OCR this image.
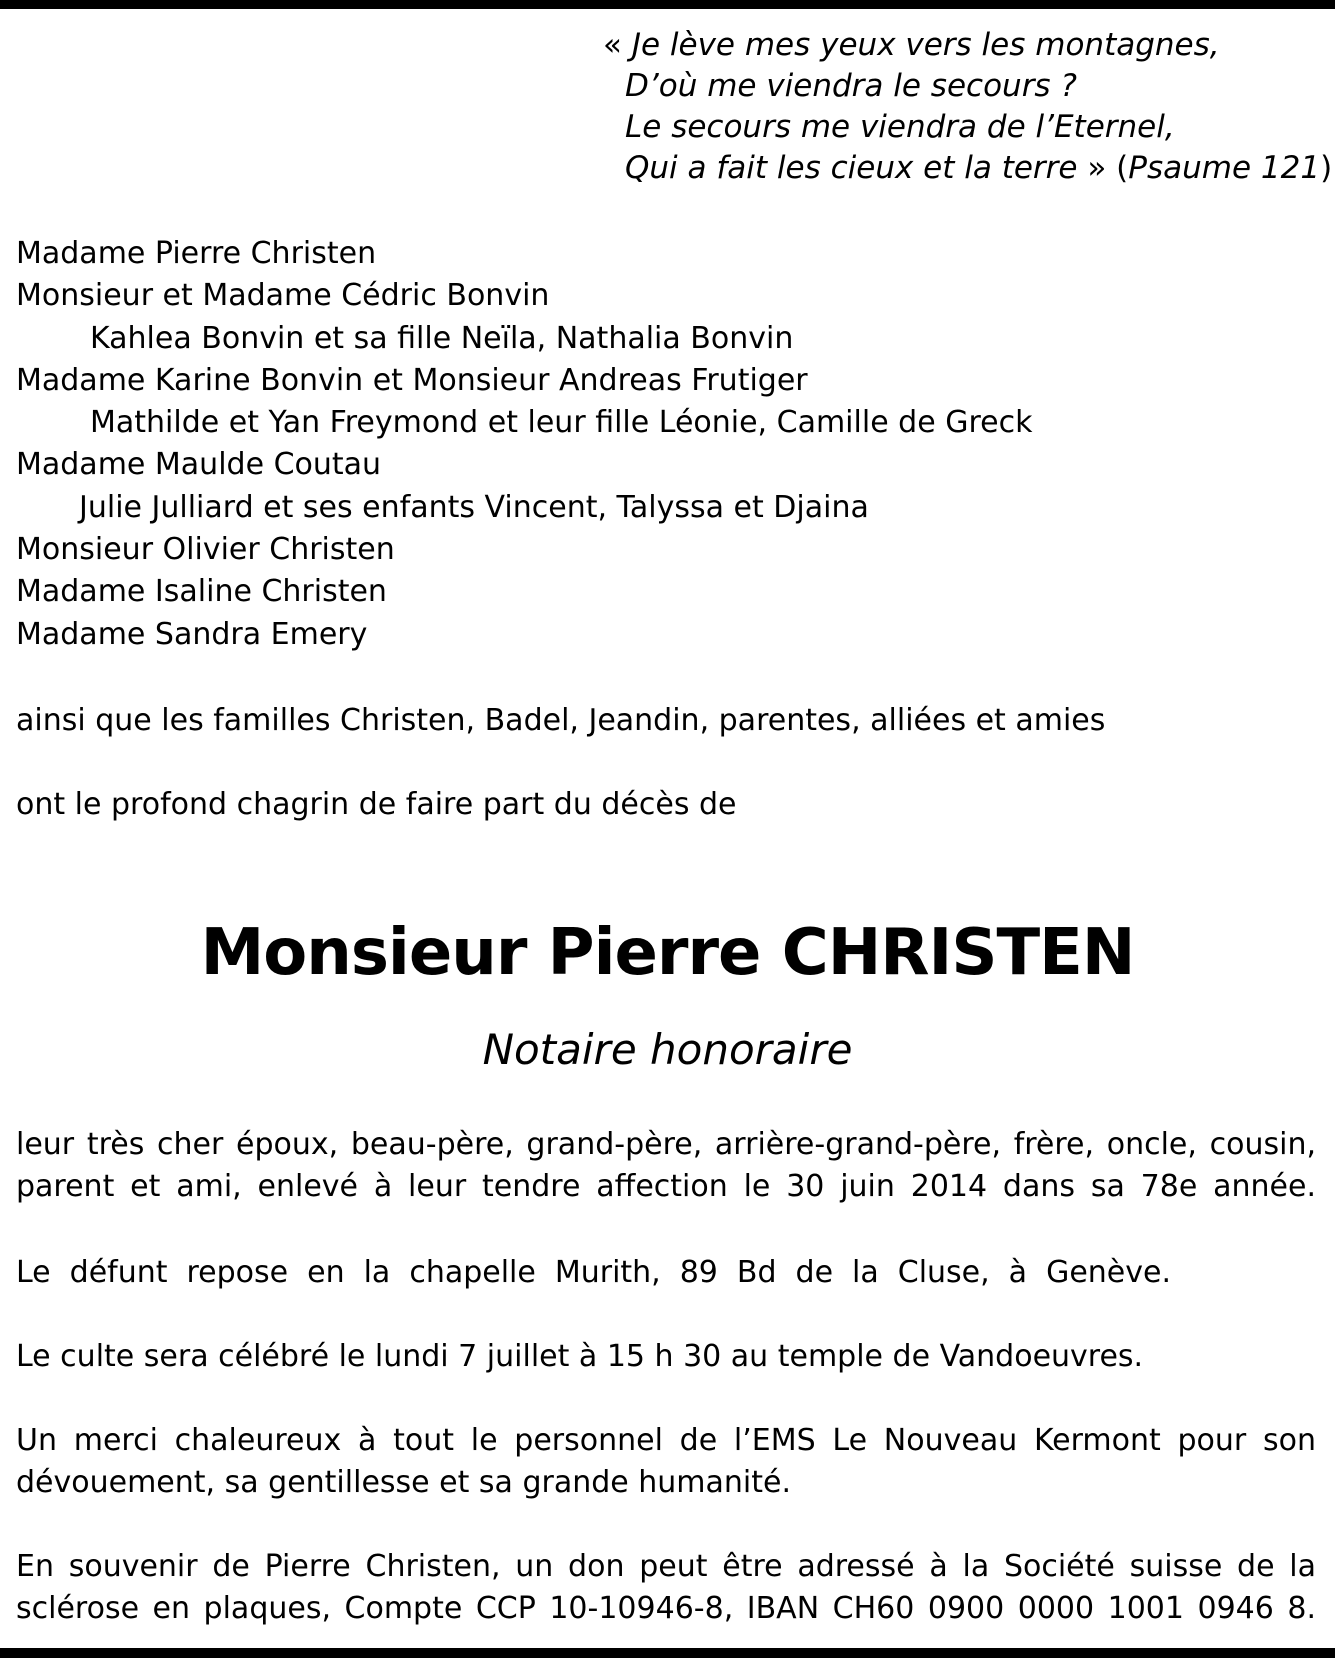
« Je lève mes yeux vers les montagnes,
D’où me viendra le secours ?
Le secours me viendra de l’Eternel,
Qui a fait les cieux et la terre » (Psaume 121)
Madame Pierre Christen
Monsieur et Madame Cédric Bonvin
Kahlea Bonvin et sa fille Neïla, Nathalia Bonvin
Madame Karine Bonvin et Monsieur Andreas Frutiger
Mathilde et Yan Freymond et leur fille Léonie, Camille de Greck
Madame Maulde Coutau
Julie Julliard et ses enfants Vincent, Talyssa et Djaina
Monsieur Olivier Christen
Madame Isaline Christen
Madame Sandra Emery
ainsi que les familles Christen, Badel, Jeandin, parentes, alliées et amies
ont le profond chagrin de faire part du décès de
Monsieur Pierre CHRISTEN
Notaire honoraire
leur très cher époux, beau-père, grand-père, arrière-grand-père, frère, oncle, cousin,
parent et ami, enlevé à leur tendre affection le 30 juin 2014 dans sa 78e année.
Le défunt repose en la chapelle Murith, 89 Bd de la Cluse, à Genève.
Le culte sera célébré le lundi 7 juillet à 15 h 30 au temple de Vandoeuvres.
Un merci chaleureux à tout le personnel de l’EMS Le Nouveau Kermont pour son
dévouement, sa gentillesse et sa grande humanité.
En souvenir de Pierre Christen, un don peut être adressé à la Société suisse de la
sclérose en plaques, Compte CCP 10-10946-8, IBAN CH60 0900 0000 1001 0946 8.
